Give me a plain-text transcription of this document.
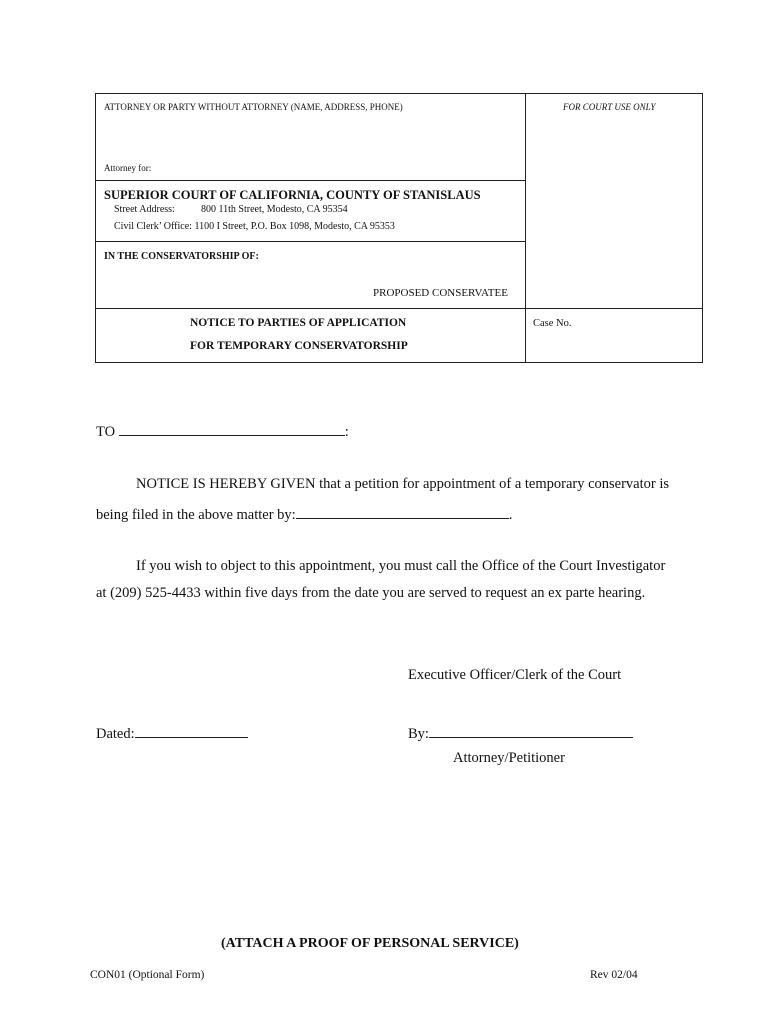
ATTORNEY OR PARTY WITHOUT ATTORNEY (NAME, ADDRESS, PHONE)	FOR COURT USE ONLY
Attorney for:
SUPERIOR COURT OF CALIFORNIA, COUNTY OF STANISLAUS
Street Address:	800 11th Street, Modesto, CA 95354
Civil Clerk’ Office: 1100 I Street, P.O. Box 1098, Modesto, CA 95353
IN THE CONSERVATORSHIP OF:
PROPOSED CONSERVATEE
NOTICE TO PARTIES OF APPLICATION
FOR TEMPORARY CONSERVATORSHIP
Case No.
TO	:
NOTICE IS HEREBY GIVEN that a petition for appointment of a temporary conservator is
being filed in the above matter by:	.
If you wish to object to this appointment, you must call the Office of the Court Investigator
at (209) 525-4433 within five days from the date you are served to request an ex parte hearing.
Executive Officer/Clerk of the Court
Dated:	By:
Attorney/Petitioner
(ATTACH A PROOF OF PERSONAL SERVICE)
CON01 (Optional Form)	Rev 02/04
